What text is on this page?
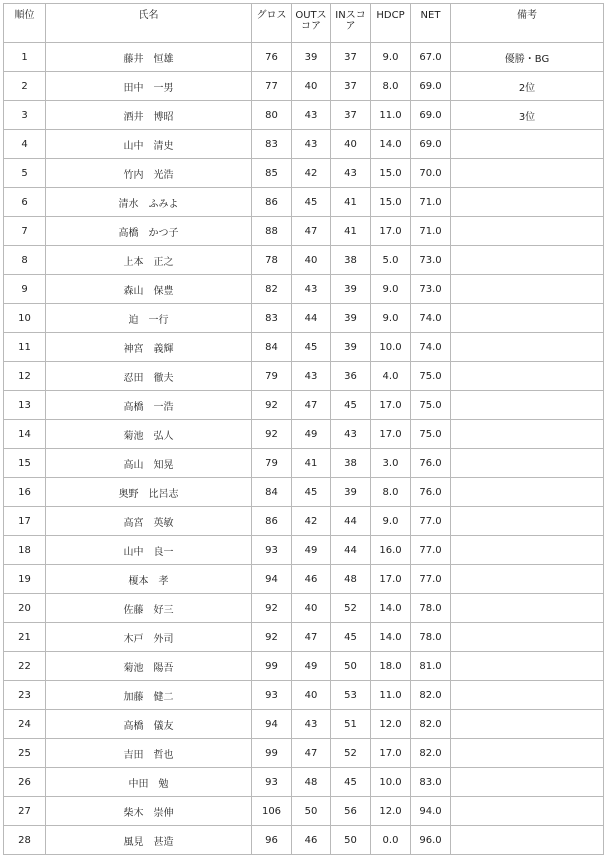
順位	氏名	グロス	OUTスコア	INスコア	HDCP	NET	備考
1	藤井　恒雄	76	39	37	9.0	67.0	優勝・BG
2	田中　一男	77	40	37	8.0	69.0	2位
3	酒井　博昭	80	43	37	11.0	69.0	3位
4	山中　清史	83	43	40	14.0	69.0	
5	竹内　光浩	85	42	43	15.0	70.0	
6	清水　ふみよ	86	45	41	15.0	71.0	
7	高橋　かつ子	88	47	41	17.0	71.0	
8	上本　正之	78	40	38	5.0	73.0	
9	森山　保豊	82	43	39	9.0	73.0	
10	迫　一行	83	44	39	9.0	74.0	
11	神宮　義輝	84	45	39	10.0	74.0	
12	忍田　徹夫	79	43	36	4.0	75.0	
13	高橋　一浩	92	47	45	17.0	75.0	
14	菊池　弘人	92	49	43	17.0	75.0	
15	高山　知晃	79	41	38	3.0	76.0	
16	奥野　比呂志	84	45	39	8.0	76.0	
17	高宮　英敏	86	42	44	9.0	77.0	
18	山中　良一	93	49	44	16.0	77.0	
19	榎本　孝	94	46	48	17.0	77.0	
20	佐藤　好三	92	40	52	14.0	78.0	
21	木戸　外司	92	47	45	14.0	78.0	
22	菊池　陽吾	99	49	50	18.0	81.0	
23	加藤　健二	93	40	53	11.0	82.0	
24	高橋　儀友	94	43	51	12.0	82.0	
25	吉田　哲也	99	47	52	17.0	82.0	
26	中田　勉	93	48	45	10.0	83.0	
27	柴木　崇伸	106	50	56	12.0	94.0	
28	風見　甚造	96	46	50	0.0	96.0	
